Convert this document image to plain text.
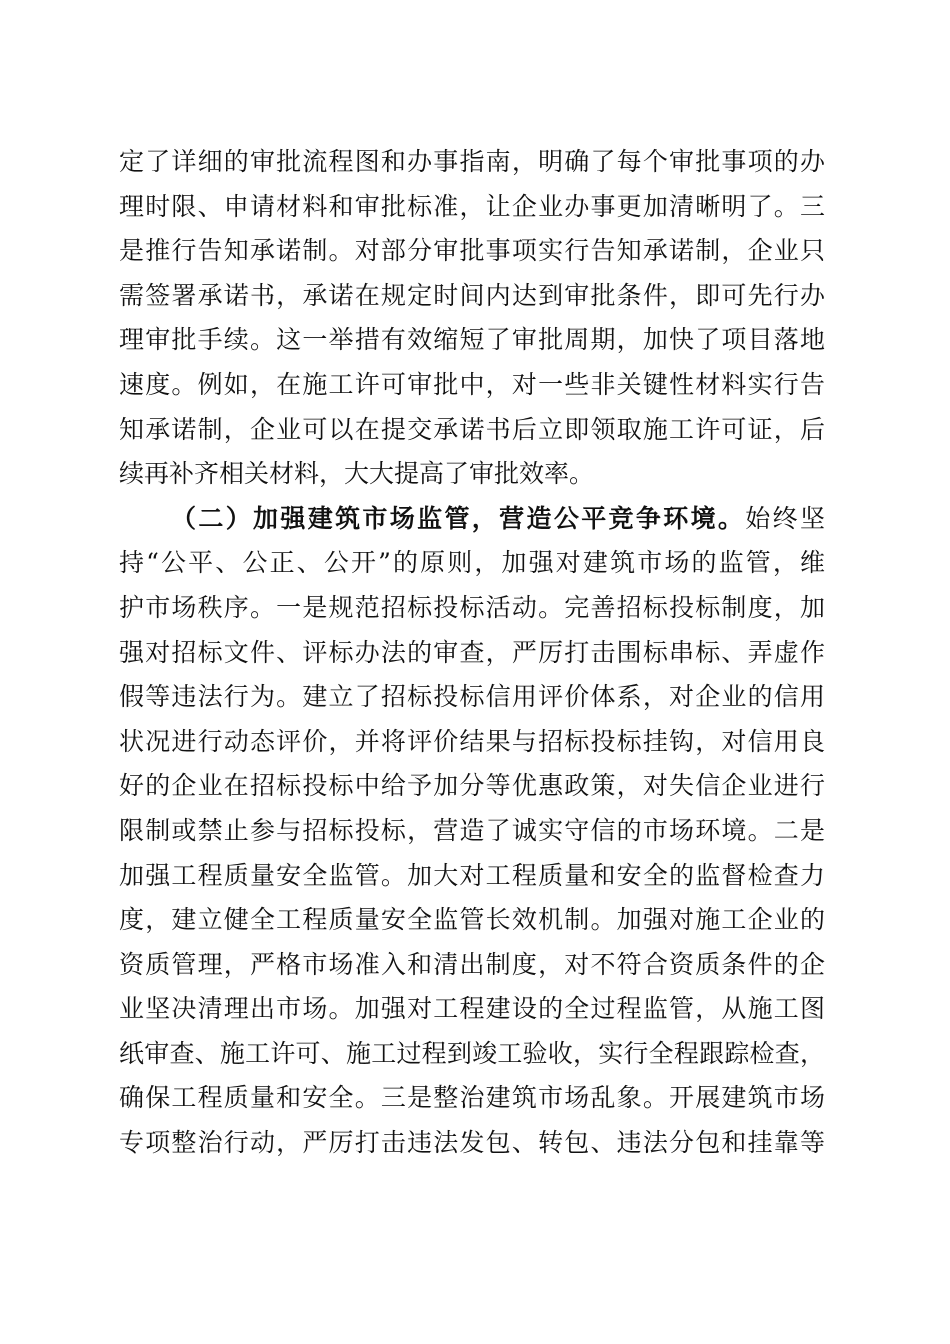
定了详细的审批流程图和办事指南，明确了每个审批事项的办
理时限、申请材料和审批标准，让企业办事更加清晰明了。三
是推行告知承诺制。对部分审批事项实行告知承诺制，企业只
需签署承诺书，承诺在规定时间内达到审批条件，即可先行办
理审批手续。这一举措有效缩短了审批周期，加快了项目落地
速度。例如，在施工许可审批中，对一些非关键性材料实行告
知承诺制，企业可以在提交承诺书后立即领取施工许可证，后
续再补齐相关材料，大大提高了审批效率。
（二）加强建筑市场监管，营造公平竞争环境。始终坚
持“公平、公正、公开”的原则，加强对建筑市场的监管，维
护市场秩序。一是规范招标投标活动。完善招标投标制度，加
强对招标文件、评标办法的审查，严厉打击围标串标、弄虚作
假等违法行为。建立了招标投标信用评价体系，对企业的信用
状况进行动态评价，并将评价结果与招标投标挂钩，对信用良
好的企业在招标投标中给予加分等优惠政策，对失信企业进行
限制或禁止参与招标投标，营造了诚实守信的市场环境。二是
加强工程质量安全监管。加大对工程质量和安全的监督检查力
度，建立健全工程质量安全监管长效机制。加强对施工企业的
资质管理，严格市场准入和清出制度，对不符合资质条件的企
业坚决清理出市场。加强对工程建设的全过程监管，从施工图
纸审查、施工许可、施工过程到竣工验收，实行全程跟踪检查，
确保工程质量和安全。三是整治建筑市场乱象。开展建筑市场
专项整治行动，严厉打击违法发包、转包、违法分包和挂靠等
